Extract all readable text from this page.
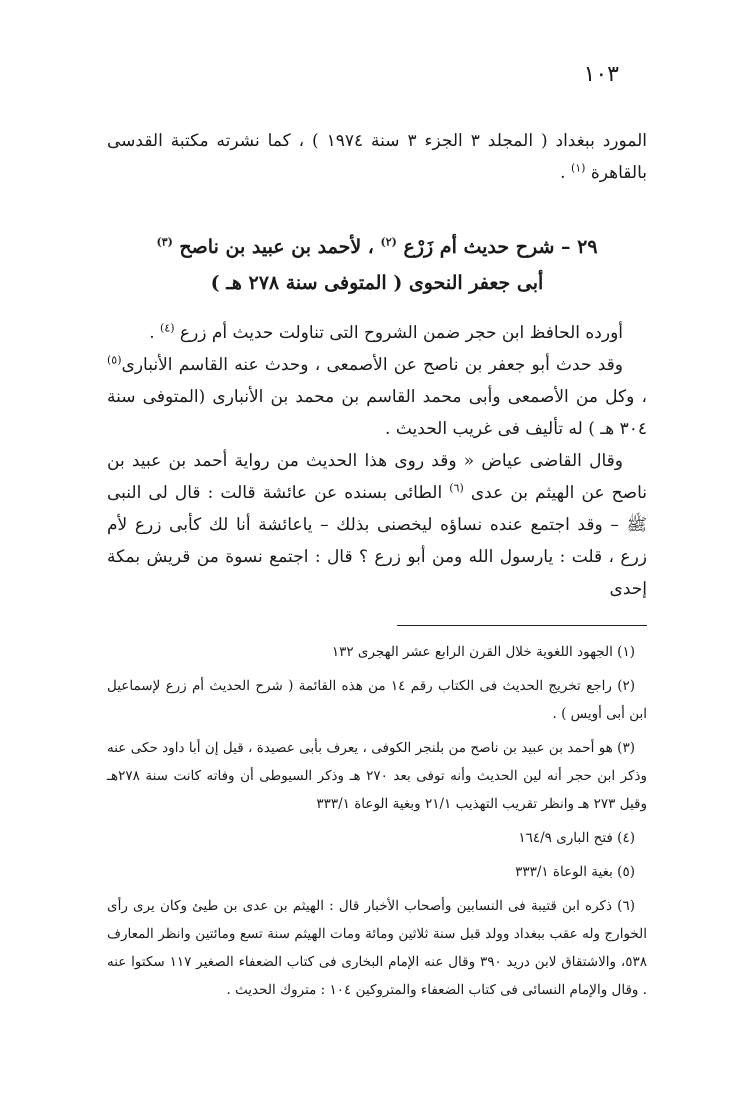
١٠٣

المورد ببغداد ( المجلد ٣ الجزء ٣ سنة ١٩٧٤ ) ، كما نشرته مكتبة القدسى بالقاهرة $^{(١)}$ .

٢٩ – شرح حديث أم زَرْع $^{(٢)}$ ، لأحمد بن عبيد بن ناصح $^{(٣)}$
أبى جعفر النحوى ( المتوفى سنة ٢٧٨ هـ )

أورده الحافظ ابن حجر ضمن الشروح التى تناولت حديث أم زرع $^{(٤)}$ .

وقد حدث أبو جعفر بن ناصح عن الأصمعى ، وحدث عنه القاسم الأنبارى$^{(٥)}$ ، وكل من الأصمعى وأبى محمد القاسم بن محمد بن الأنبارى (المتوفى سنة ٣٠٤ هـ ) له تأليف فى غريب الحديث .

وقال القاضى عياض « وقد روى هذا الحديث من رواية أحمد بن عبيد بن ناصح عن الهيثم بن عدى $^{(٦)}$ الطائى بسنده عن عائشة قالت : قال لى النبى ﷺ – وقد اجتمع عنده نساؤه ليخصنى بذلك – ياعائشة أنا لك كأبى زرع لأم زرع ، قلت : يارسول الله ومن أبو زرع ؟ قال : اجتمع نسوة من قريش بمكة إحدى

(١) الجهود اللغوية خلال القرن الرابع عشر الهجرى ١٣٢

(٢) راجع تخريج الحديث فى الكتاب رقم ١٤ من هذه القائمة ( شرح الحديث أم زرع لإسماعيل ابن أبى أويس ) .

(٣) هو أحمد بن عبيد بن ناصح من بلنجر الكوفى ، يعرف بأبى عصيدة ، قيل إن أبا داود حكى عنه وذكر ابن حجر أنه لين الحديث وأنه توفى بعد ٢٧٠ هـ وذكر السيوطى أن وفاته كانت سنة ٢٧٨هـ وقيل ٢٧٣ هـ وانظر تقريب التهذيب ٢١/١ وبغية الوعاة ٣٣٣/١

(٤) فتح البارى ١٦٤/٩

(٥) بغية الوعاة ٣٣٣/١

(٦) ذكره ابن قتيبة فى النسابين وأصحاب الأخبار قال : الهيثم بن عدى بن طيئ وكان يرى رأى الخوارج وله عقب ببغداد وولد قبل سنة ثلاثين ومائة ومات الهيثم سنة تسع ومائتين وانظر المعارف ٥٣٨، والاشتقاق لابن دريد ٣٩٠ وقال عنه الإمام البخارى فى كتاب الضعفاء الصغير ١١٧ سكتوا عنه . وقال والإمام النسائى فى كتاب الضعفاء والمتروكين ١٠٤ : متروك الحديث .
